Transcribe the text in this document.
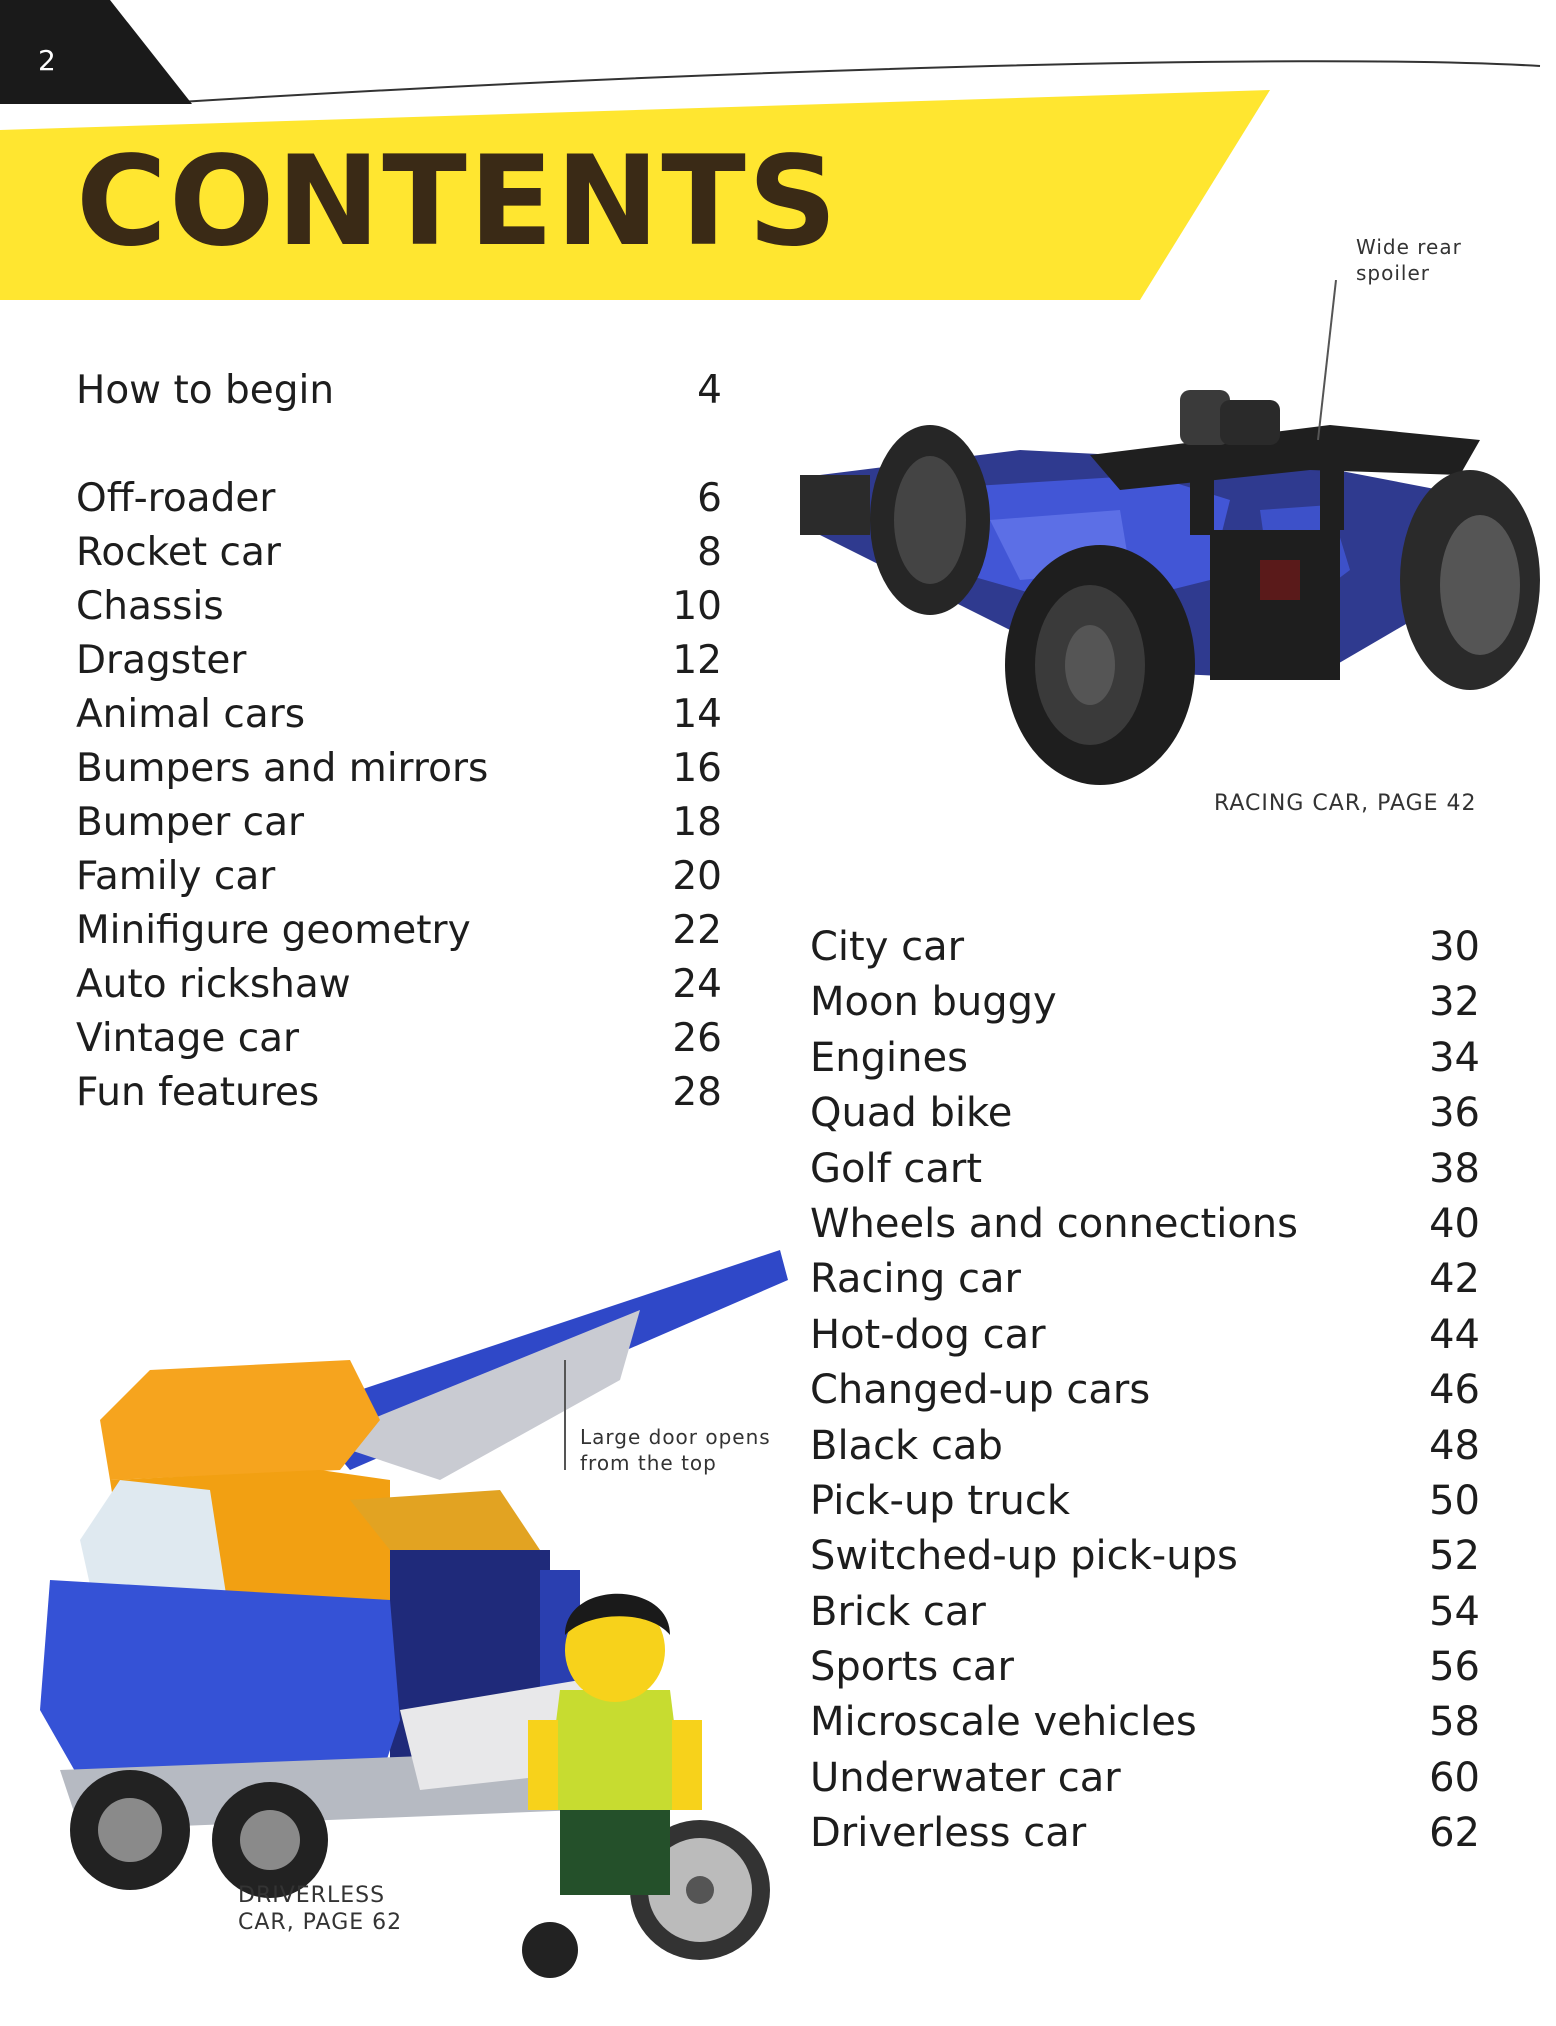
2
CONTENTS
How to begin	4
Off-roader	6
Rocket car	8
Chassis	10
Dragster	12
Animal cars	14
Bumpers and mirrors	16
Bumper car	18
Family car	20
Minifigure geometry	22
Auto rickshaw	24
Vintage car	26
Fun features	28
City car	30
Moon buggy	32
Engines	34
Quad bike	36
Golf cart	38
Wheels and connections	40
Racing car	42
Hot-dog car	44
Changed-up cars	46
Black cab	48
Pick-up truck	50
Switched-up pick-ups	52
Brick car	54
Sports car	56
Microscale vehicles	58
Underwater car	60
Driverless car	62
Wide rear
spoiler
RACING CAR, PAGE 42
Large door opens
from the top
DRIVERLESS
CAR, PAGE 62
